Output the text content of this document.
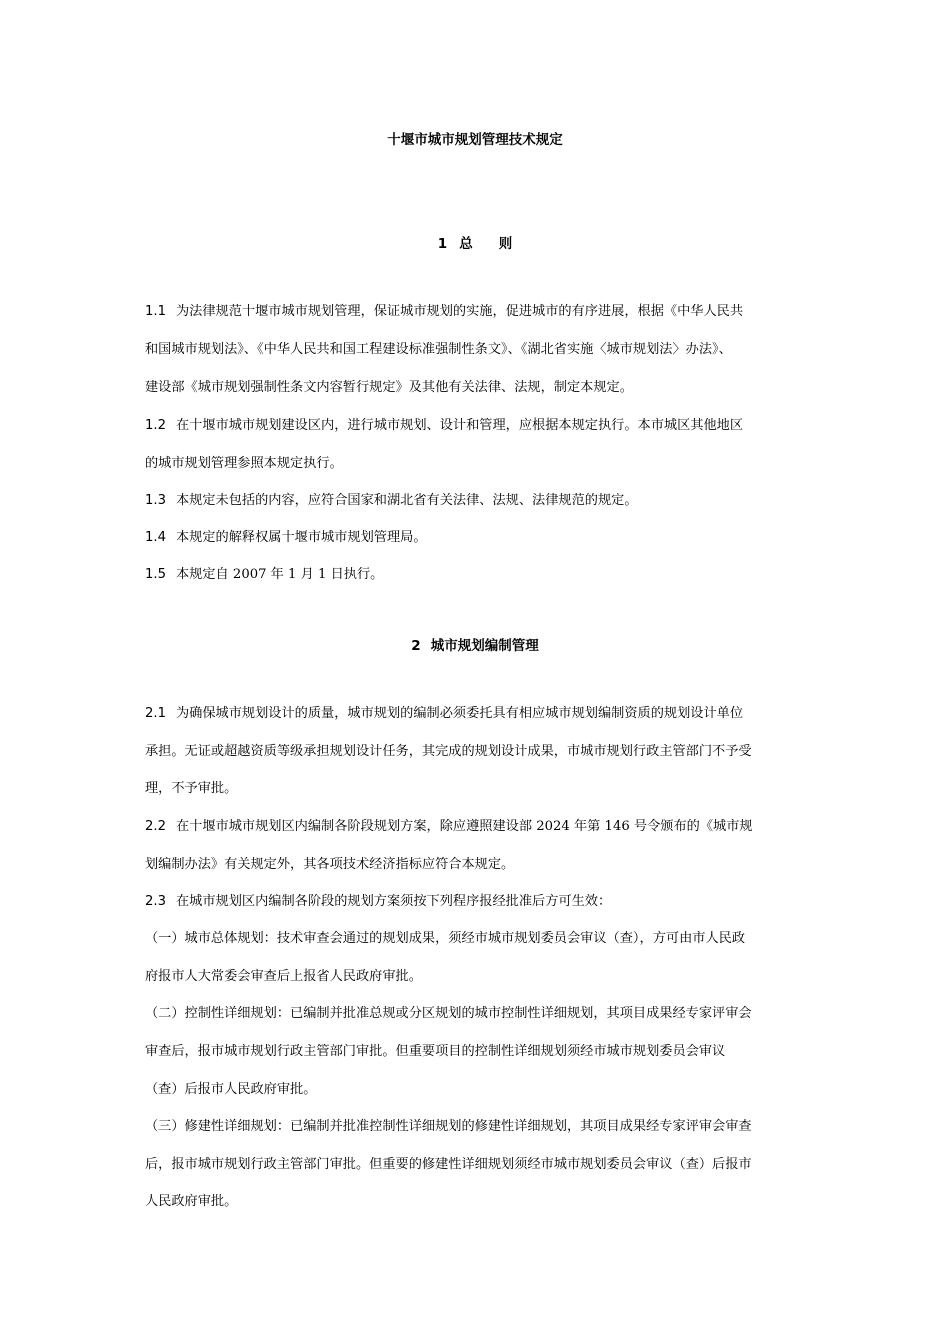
十堰市城市规划管理技术规定
1 总 则
2 城市规划编制管理
1.1 为法律规范十堰市城市规划管理，保证城市规划的实施，促进城市的有序进展，根据《中华人民共
和国城市规划法》、《中华人民共和国工程建设标准强制性条文》、《湖北省实施〈城市规划法〉办法》、
建设部《城市规划强制性条文内容暂行规定》及其他有关法律、法规，制定本规定。
1.2 在十堰市城市规划建设区内，进行城市规划、设计和管理，应根据本规定执行。本市城区其他地区
的城市规划管理参照本规定执行。
1.3 本规定未包括的内容，应符合国家和湖北省有关法律、法规、法律规范的规定。
1.4 本规定的解释权属十堰市城市规划管理局。
1.5 本规定自 2007 年 1 月 1 日执行。
2.1 为确保城市规划设计的质量，城市规划的编制必须委托具有相应城市规划编制资质的规划设计单位
承担。无证或超越资质等级承担规划设计任务，其完成的规划设计成果，市城市规划行政主管部门不予受
理，不予审批。
2.2 在十堰市城市规划区内编制各阶段规划方案，除应遵照建设部 2024 年第 146 号令颁布的《城市规
划编制办法》有关规定外，其各项技术经济指标应符合本规定。
2.3 在城市规划区内编制各阶段的规划方案须按下列程序报经批准后方可生效：
（一）城市总体规划：技术审查会通过的规划成果，须经市城市规划委员会审议（查），方可由市人民政
府报市人大常委会审查后上报省人民政府审批。
（二）控制性详细规划：已编制并批准总规或分区规划的城市控制性详细规划，其项目成果经专家评审会
审查后，报市城市规划行政主管部门审批。但重要项目的控制性详细规划须经市城市规划委员会审议
（查）后报市人民政府审批。
（三）修建性详细规划：已编制并批准控制性详细规划的修建性详细规划，其项目成果经专家评审会审查
后，报市城市规划行政主管部门审批。但重要的修建性详细规划须经市城市规划委员会审议（查）后报市
人民政府审批。
